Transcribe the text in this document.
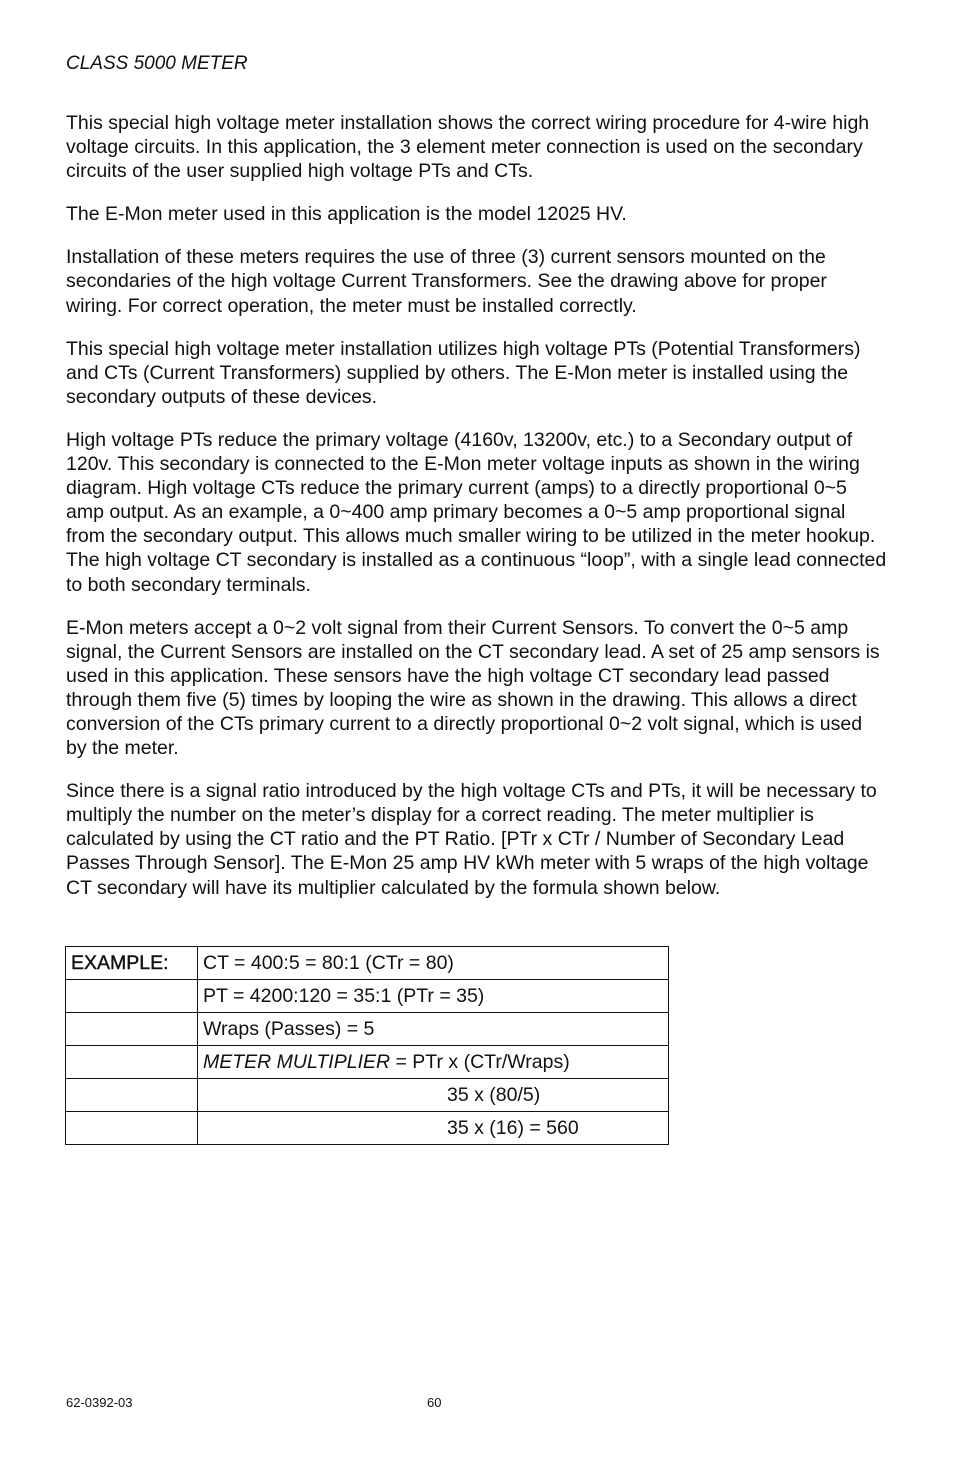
CLASS 5000 METER

This special high voltage meter installation shows the correct wiring procedure for 4-wire high voltage circuits. In this application, the 3 element meter connection is used on the secondary circuits of the user supplied high voltage PTs and CTs.

The E-Mon meter used in this application is the model 12025 HV.

Installation of these meters requires the use of three (3) current sensors mounted on the secondaries of the high voltage Current Transformers. See the drawing above for proper wiring. For correct operation, the meter must be installed correctly.

This special high voltage meter installation utilizes high voltage PTs (Potential Transformers) and CTs (Current Transformers) supplied by others. The E-Mon meter is installed using the secondary outputs of these devices.

High voltage PTs reduce the primary voltage (4160v, 13200v, etc.) to a Secondary output of 120v. This secondary is connected to the E-Mon meter voltage inputs as shown in the wiring diagram. High voltage CTs reduce the primary current (amps) to a directly proportional 0~5 amp output. As an example, a 0~400 amp primary becomes a 0~5 amp proportional signal from the secondary output. This allows much smaller wiring to be utilized in the meter hookup. The high voltage CT secondary is installed as a continuous “loop”, with a single lead connected to both secondary terminals.

E-Mon meters accept a 0~2 volt signal from their Current Sensors. To convert the 0~5 amp signal, the Current Sensors are installed on the CT secondary lead. A set of 25 amp sensors is used in this application. These sensors have the high voltage CT secondary lead passed through them five (5) times by looping the wire as shown in the drawing. This allows a direct conversion of the CTs primary current to a directly proportional 0~2 volt signal, which is used by the meter.

Since there is a signal ratio introduced by the high voltage CTs and PTs, it will be necessary to multiply the number on the meter’s display for a correct reading. The meter multiplier is calculated by using the CT ratio and the PT Ratio. [PTr x CTr / Number of Secondary Lead Passes Through Sensor]. The E-Mon 25 amp HV kWh meter with 5 wraps of the high voltage CT secondary will have its multiplier calculated by the formula shown below.

EXAMPLE:	CT = 400:5 = 80:1 (CTr = 80)
	PT = 4200:120 = 35:1 (PTr = 35)
	Wraps (Passes) = 5
	METER MULTIPLIER = PTr x (CTr/Wraps)
	35 x (80/5)
	35 x (16) = 560
62-0392-03	60
